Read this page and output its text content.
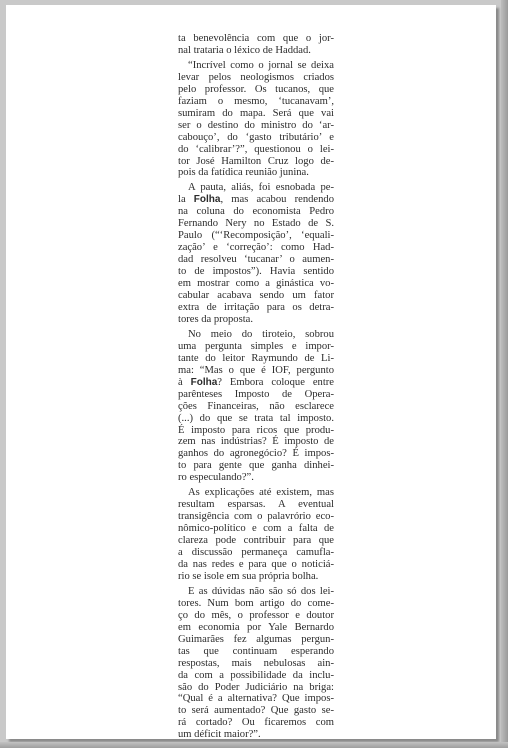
ta benevolência com que o jor-
nal trataria o léxico de Haddad.

“Incrível como o jornal se deixa
levar pelos neologismos criados
pelo professor. Os tucanos, que
faziam o mesmo, ‘tucanavam’,
sumiram do mapa. Será que vai
ser o destino do ministro do ‘ar-
cabouço’, do ‘gasto tributário’ e
do ‘calibrar’?”, questionou o lei-
tor José Hamilton Cruz logo de-
pois da fatídica reunião junina.

A pauta, aliás, foi esnobada pe-
la Folha, mas acabou rendendo
na coluna do economista Pedro
Fernando Nery no Estado de S.
Paulo (“‘Recomposição’, ‘equali-
zação’ e ‘correção’: como Had-
dad resolveu ‘tucanar’ o aumen-
to de impostos”). Havia sentido
em mostrar como a ginástica vo-
cabular acabava sendo um fator
extra de irritação para os detra-
tores da proposta.

No meio do tiroteio, sobrou
uma pergunta simples e impor-
tante do leitor Raymundo de Li-
ma: “Mas o que é IOF, pergunto
à Folha? Embora coloque entre
parênteses Imposto de Opera-
ções Financeiras, não esclarece
(...) do que se trata tal imposto.
É imposto para ricos que produ-
zem nas indústrias? É imposto de
ganhos do agronegócio? É impos-
to para gente que ganha dinhei-
ro especulando?”.

As explicações até existem, mas
resultam esparsas. A eventual
transigência com o palavrório eco-
nômico-político e com a falta de
clareza pode contribuir para que
a discussão permaneça camufla-
da nas redes e para que o noticiá-
rio se isole em sua própria bolha.

E as dúvidas não são só dos lei-
tores. Num bom artigo do come-
ço do mês, o professor e doutor
em economia por Yale Bernardo
Guimarães fez algumas pergun-
tas que continuam esperando
respostas, mais nebulosas ain-
da com a possibilidade da inclu-
são do Poder Judiciário na briga:
“Qual é a alternativa? Que impos-
to será aumentado? Que gasto se-
rá cortado? Ou ficaremos com
um déficit maior?”.
